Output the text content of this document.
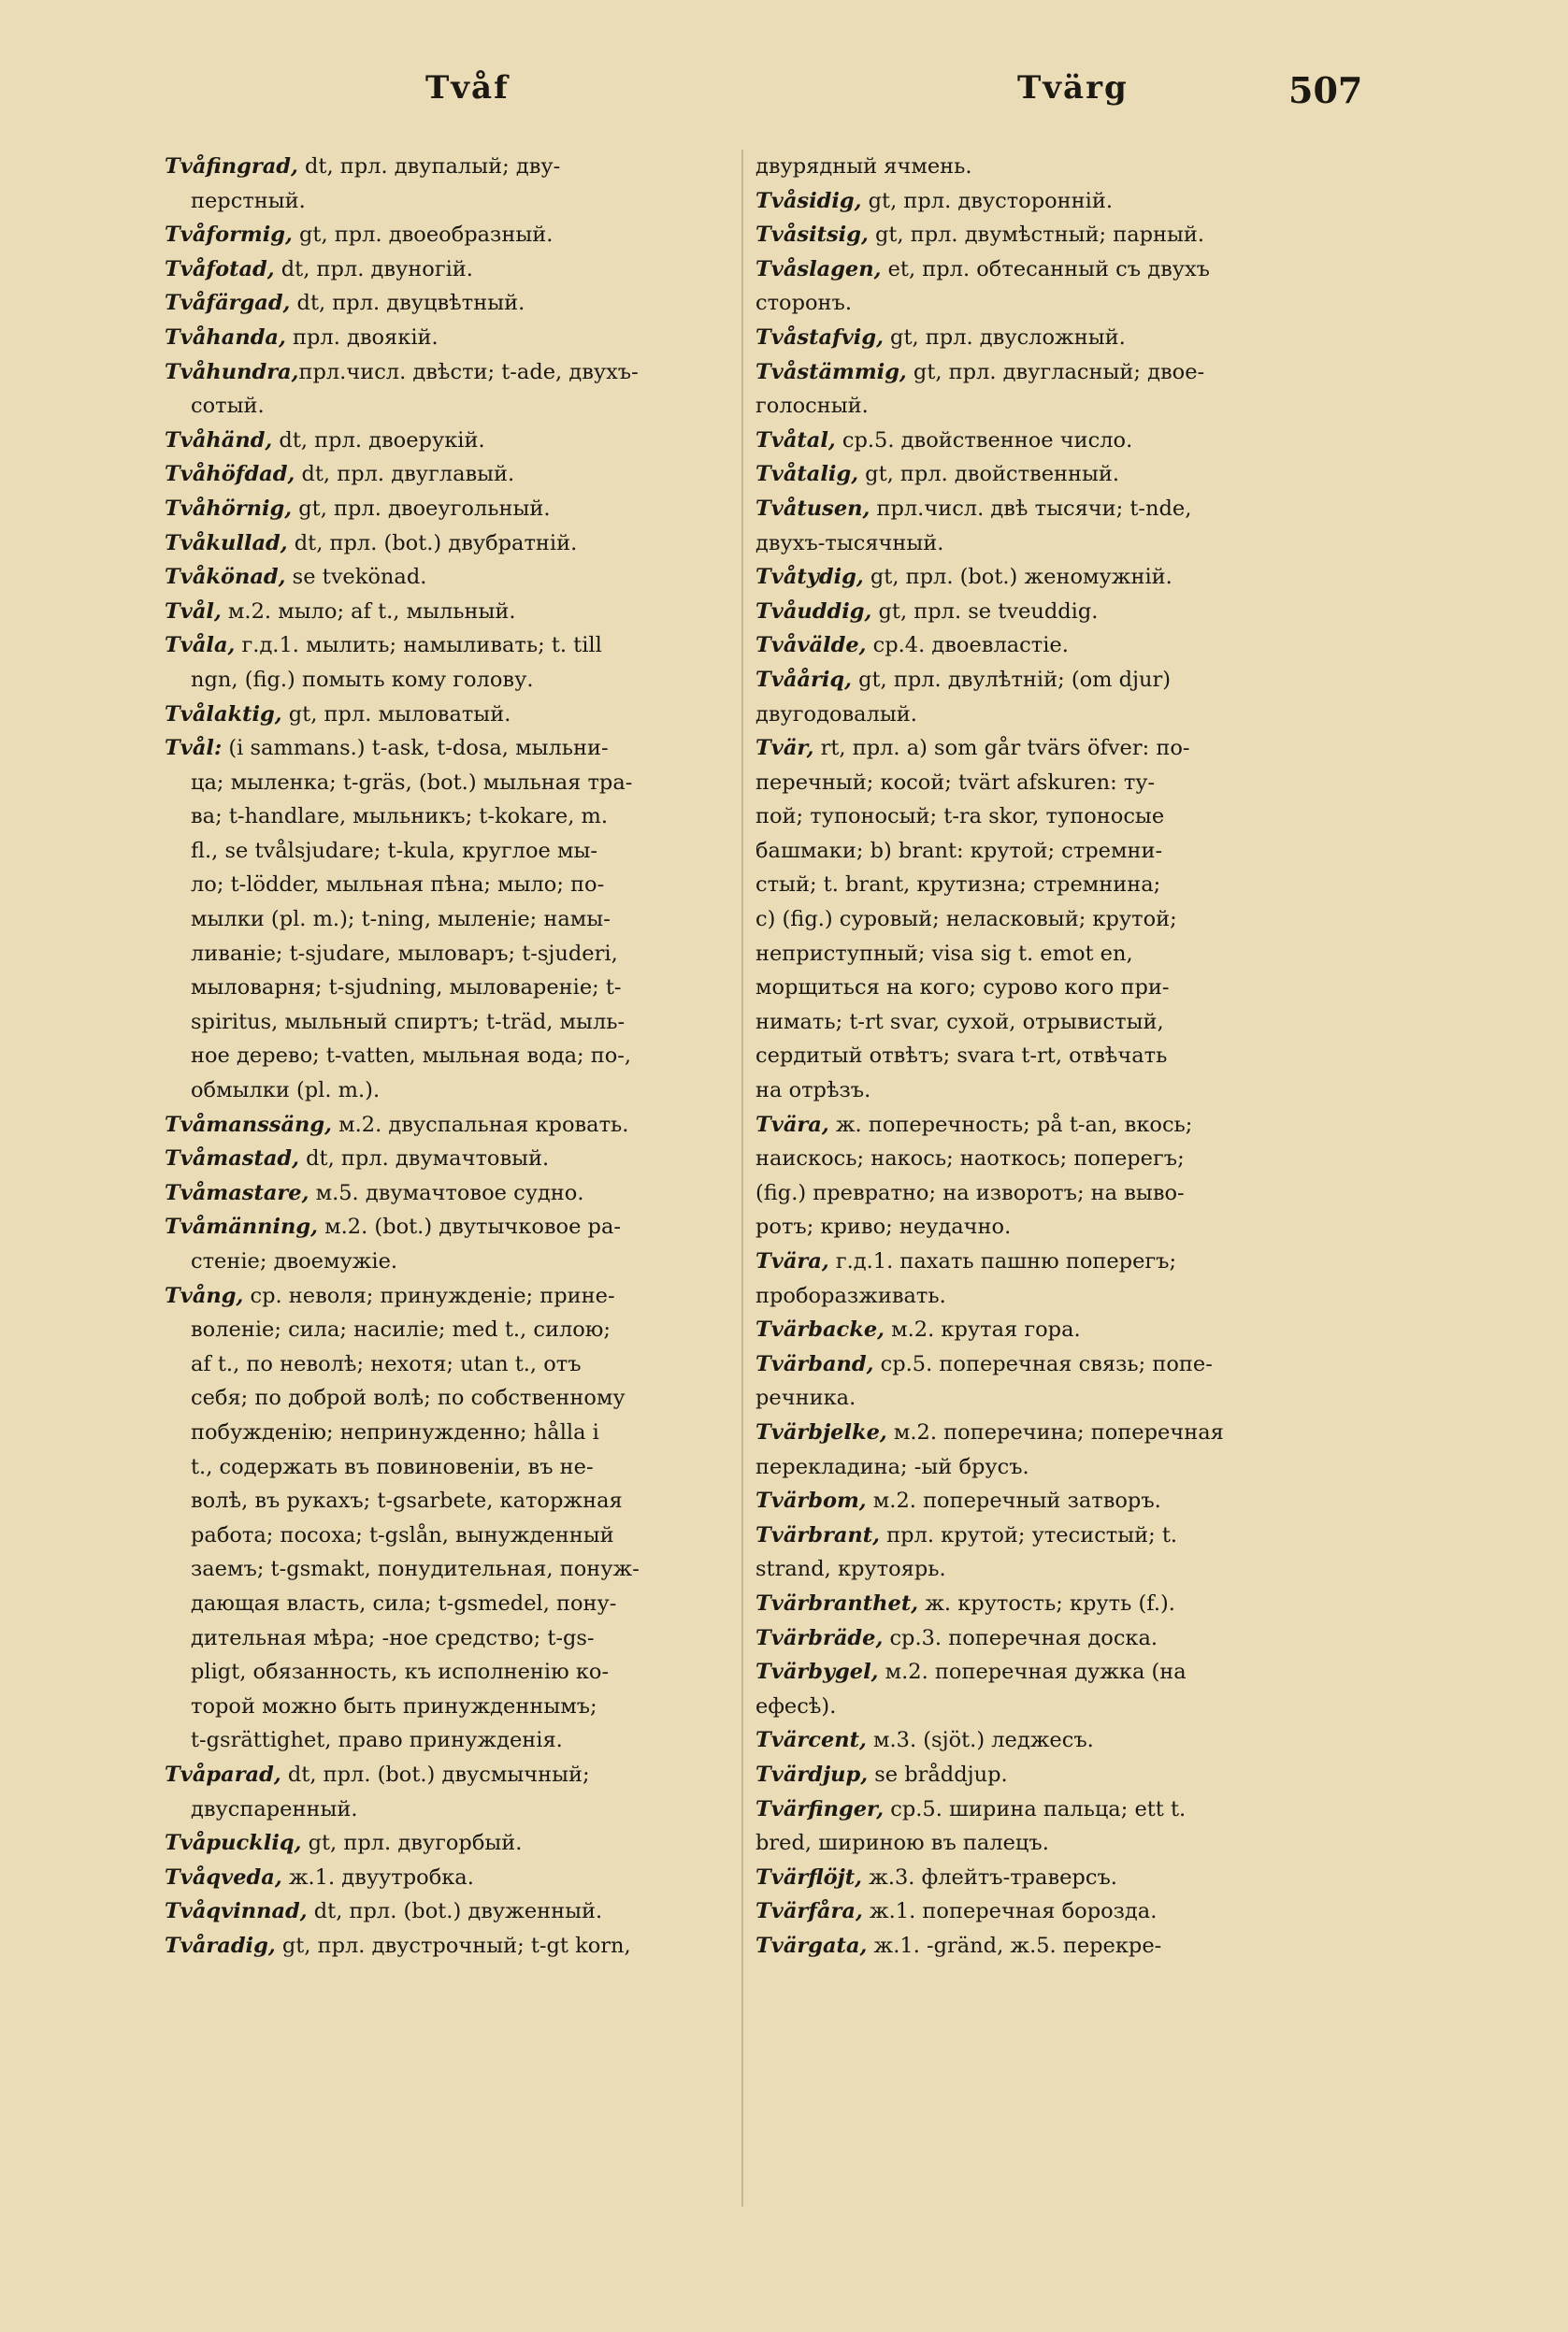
Tvåf	Tvärg	507
Tvåfingrad, dt, прл. двупалый; дву-
перстный.
Tvåformig, gt, прл. двоеобразный.
Tvåfotad, dt, прл. двуногій.
Tvåfärgad, dt, прл. двуцвѣтный.
Tvåhanda, прл. двоякій.
Tvåhundra,прл.числ. двѣсти; t-ade, двухъ-
сотый.
Tvåhänd, dt, прл. двоерукій.
Tvåhöfdad, dt, прл. двуглавый.
Tvåhörnig, gt, прл. двоеугольный.
Tvåkullad, dt, прл. (bot.) двубратній.
Tvåkönad, se tvekönad.
Tvål, м.2. мыло; af t., мыльный.
Tvåla, г.д.1. мылить; намыливать; t. till
ngn, (fig.) помыть кому голову.
Tvålaktig, gt, прл. мыловатый.
Tvål: (i sammans.) t-ask, t-dosa, мыльни-
ца; мыленка; t-gräs, (bot.) мыльная тра-
ва; t-handlare, мыльникъ; t-kokare, m.
fl., se tvålsjudare; t-kula, круглое мы-
ло; t-lödder, мыльная пѣна; мыло; по-
мылки (pl. m.); t-ning, мыленіе; намы-
ливаніе; t-sjudare, мыловаръ; t-sjuderi,
мыловарня; t-sjudning, мыловареніе; t-
spiritus, мыльный спиртъ; t-träd, мыль-
ное дерево; t-vatten, мыльная вода; по-,
обмылки (pl. m.).
Tvåmanssäng, м.2. двуспальная кровать.
Tvåmastad, dt, прл. двумачтовый.
Tvåmastare, м.5. двумачтовое судно.
Tvåmänning, м.2. (bot.) двутычковое ра-
стеніе; двоемужіе.
Tvång, ср. неволя; принужденіе; прине-
воленіе; сила; насиліе; med t., силою;
af t., по неволѣ; нехотя; utan t., отъ
себя; по доброй волѣ; по собственному
побужденію; непринужденно; hålla i
t., содержать въ повиновеніи, въ не-
волѣ, въ рукахъ; t-gsarbete, каторжная
работа; посоха; t-gslån, вынужденный
заемъ; t-gsmakt, понудительная, понуж-
дающая власть, сила; t-gsmedel, пону-
дительная мѣра; -ное средство; t-gs-
pligt, обязанность, къ исполненію ко-
торой можно быть принужденнымъ;
t-gsrättighet, право принужденія.
Tvåparad, dt, прл. (bot.) двусмычный;
двуспаренный.
Tvåpuckliq, gt, прл. двугорбый.
Tvåqveda, ж.1. двуутробка.
Tvåqvinnad, dt, прл. (bot.) двуженный.
Tvåradig, gt, прл. двустрочный; t-gt korn,
двурядный ячмень.
Tvåsidig, gt, прл. двусторонній.
Tvåsitsig, gt, прл. двумѣстный; парный.
Tvåslagen, et, прл. обтесанный съ двухъ
сторонъ.
Tvåstafvig, gt, прл. двусложный.
Tvåstämmig, gt, прл. двугласный; двое-
голосный.
Tvåtal, ср.5. двойственное число.
Tvåtalig, gt, прл. двойственный.
Tvåtusen, прл.числ. двѣ тысячи; t-nde,
двухъ-тысячный.
Tvåtydig, gt, прл. (bot.) женомужній.
Tvåuddig, gt, прл. se tveuddig.
Tvåvälde, ср.4. двоевластіе.
Tvååriq, gt, прл. двулѣтній; (om djur)
двугодовалый.
Tvär, rt, прл. a) som går tvärs öfver: по-
перечный; косой; tvärt afskuren: ту-
пой; тупоносый; t-ra skor, тупоносые
башмаки; b) brant: крутой; стремни-
стый; t. brant, крутизна; стремнина;
c) (fig.) суровый; неласковый; крутой;
неприступный; visa sig t. emot en,
морщиться на кого; сурово кого при-
нимать; t-rt svar, сухой, отрывистый,
сердитый отвѣтъ; svara t-rt, отвѣчать
на отрѣзъ.
Tvära, ж. поперечность; på t-an, вкось;
наискось; накось; наоткось; поперегъ;
(fig.) превратно; на изворотъ; на выво-
ротъ; криво; неудачно.
Tvära, г.д.1. пахать пашню поперегъ;
проборазживать.
Tvärbacke, м.2. крутая гора.
Tvärband, ср.5. поперечная связь; попе-
речника.
Tvärbjelke, м.2. поперечина; поперечная
перекладина; -ый брусъ.
Tvärbom, м.2. поперечный затворъ.
Tvärbrant, прл. крутой; утесистый; t.
strand, крутоярь.
Tvärbranthet, ж. крутость; круть (f.).
Tvärbräde, ср.3. поперечная доска.
Tvärbygel, м.2. поперечная дужка (на
ефесѣ).
Tvärcent, м.3. (sjöt.) леджесъ.
Tvärdjup, se bråddjup.
Tvärfinger, ср.5. ширина пальца; ett t.
bred, шириною въ палецъ.
Tvärflöjt, ж.3. флейтъ-траверсъ.
Tvärfåra, ж.1. поперечная борозда.
Tvärgata, ж.1. -gränd, ж.5. перекре-
